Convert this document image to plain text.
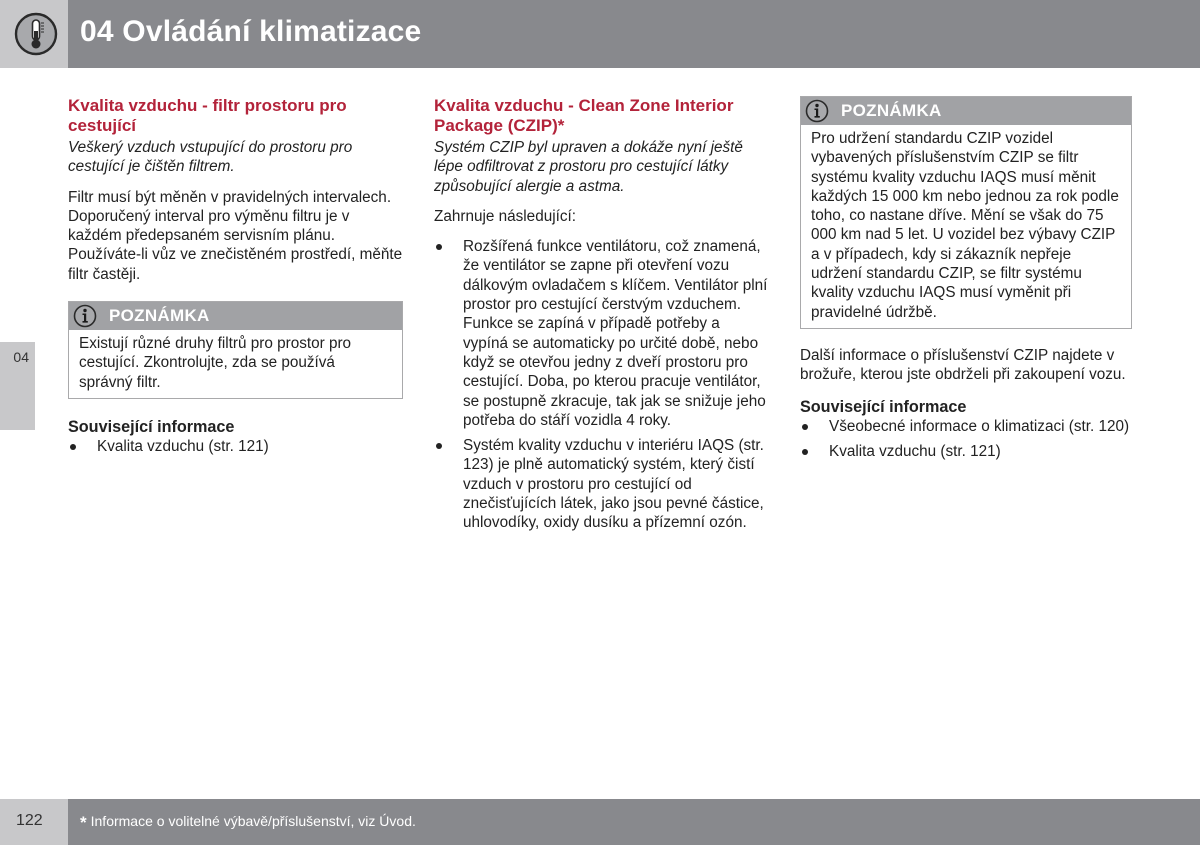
04 Ovládání klimatizace
04
Kvalita vzduchu - filtr prostoru pro cestující

Veškerý vzduch vstupující do prostoru pro cestující je čištěn filtrem.

Filtr musí být měněn v pravidelných intervalech. Doporučený interval pro výměnu filtru je v každém předepsaném servisním plánu. Používáte-li vůz ve znečistěném prostředí, měňte filtr častěji.

POZNÁMKA
Existují různé druhy filtrů pro prostor pro cestující. Zkontrolujte, zda se používá správný filtr.
Související informace
Kvalita vzduchu (str. 121)
Kvalita vzduchu - Clean Zone Interior Package (CZIP)*

Systém CZIP byl upraven a dokáže nyní ještě lépe odfiltrovat z prostoru pro cestující látky způsobující alergie a astma.

Zahrnuje následující:

Rozšířená funkce ventilátoru, což znamená, že ventilátor se zapne při otevření vozu dálkovým ovladačem s klíčem. Ventilátor plní prostor pro cestující čerstvým vzduchem. Funkce se zapíná v případě potřeby a vypíná se automaticky po určité době, nebo když se otevřou jedny z dveří prostoru pro cestující. Doba, po kterou pracuje ventilátor, se postupně zkracuje, tak jak se snižuje jeho potřeba do stáří vozidla 4 roky.
Systém kvality vzduchu v interiéru IAQS (str. 123) je plně automatický systém, který čistí vzduch v prostoru pro cestující od znečisťujících látek, jako jsou pevné částice, uhlovodíky, oxidy dusíku a přízemní ozón.
POZNÁMKA
Pro udržení standardu CZIP vozidel vybavených příslušenstvím CZIP se filtr systému kvality vzduchu IAQS musí měnit každých 15 000 km nebo jednou za rok podle toho, co nastane dříve. Mění se však do 75 000 km nad 5 let. U vozidel bez výbavy CZIP a v případech, kdy si zákazník nepřeje udržení standardu CZIP, se filtr systému kvality vzduchu IAQS musí vyměnit při pravidelné údržbě.

Další informace o příslušenství CZIP najdete v brožuře, kterou jste obdrželi při zakoupení vozu.

Související informace
Všeobecné informace o klimatizaci (str. 120)
Kvalita vzduchu (str. 121)
122 * Informace o volitelné výbavě/příslušenství, viz Úvod.
